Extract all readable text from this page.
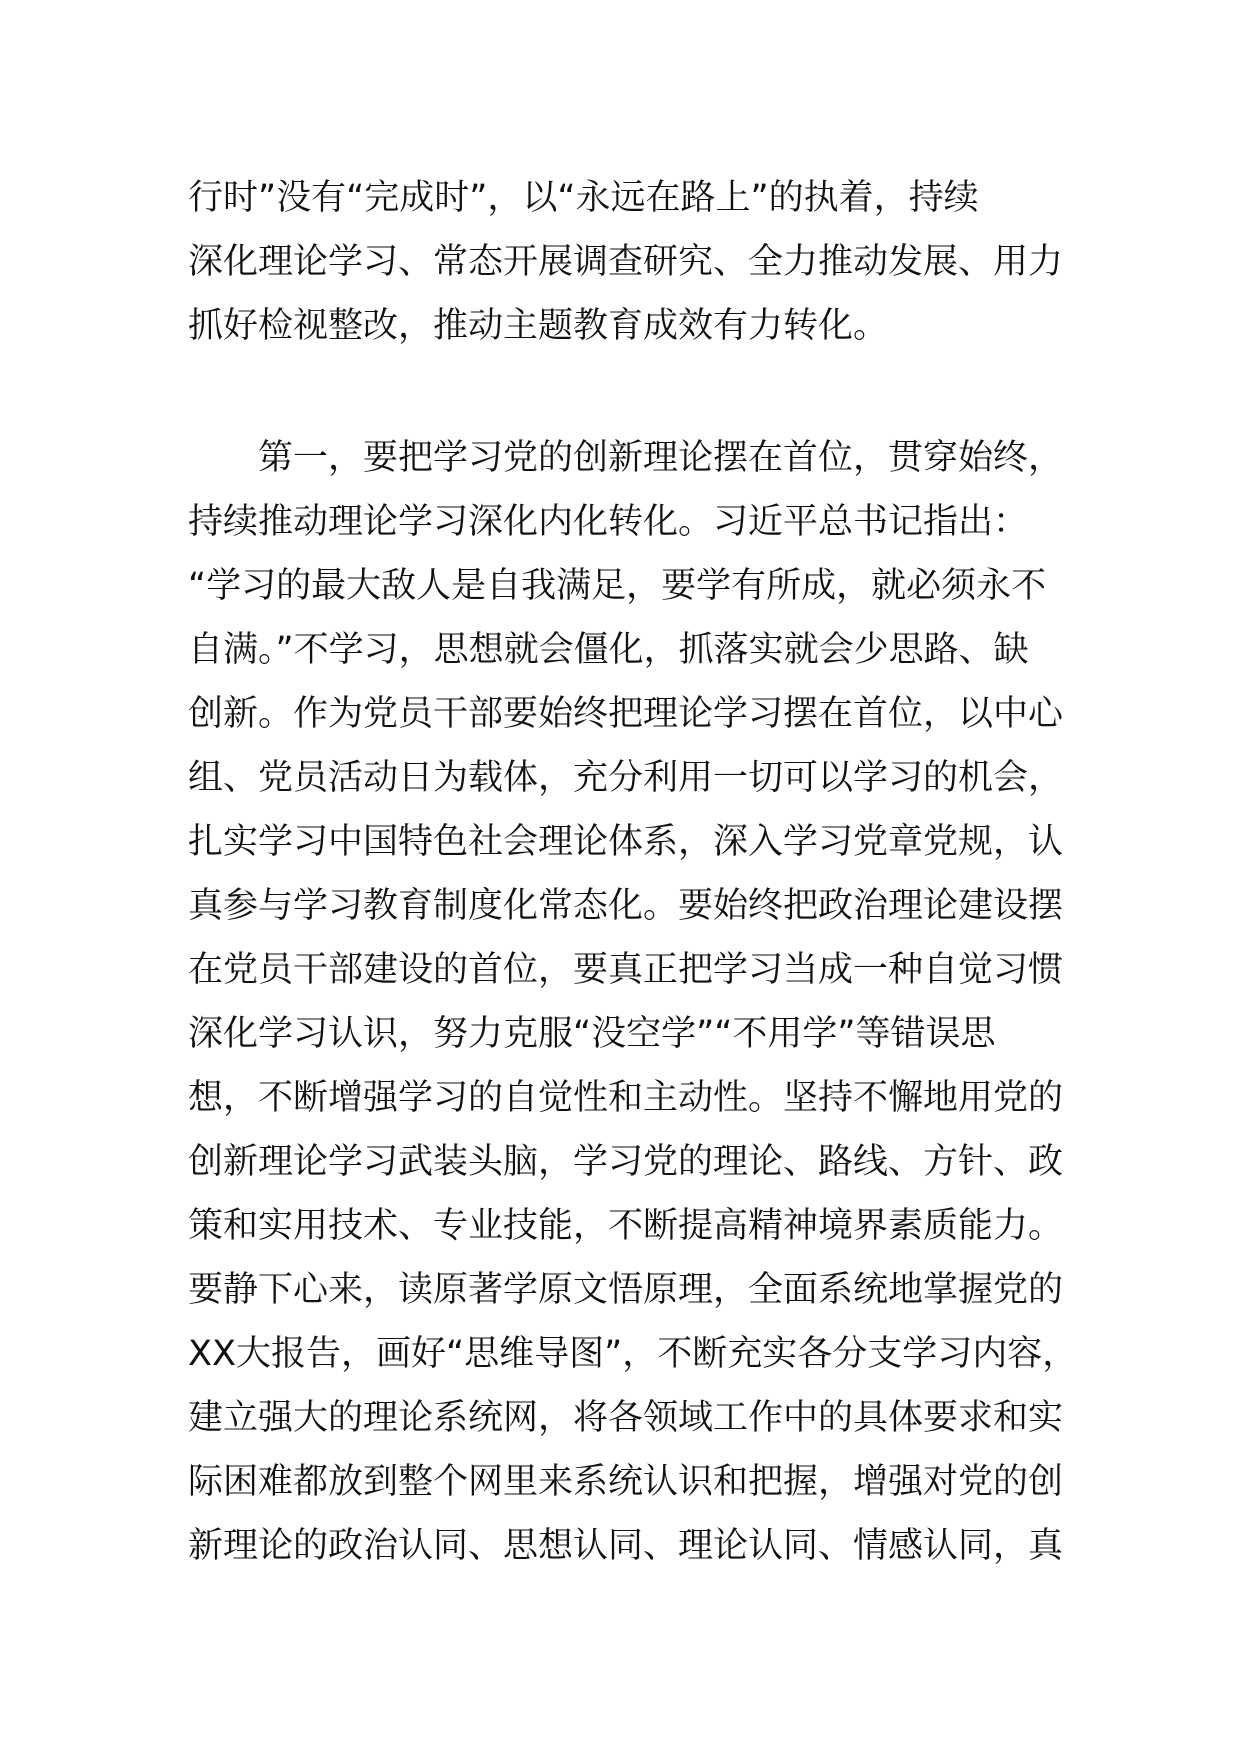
行时”没有“完成时”，以“永远在路上”的执着，持续
深化理论学习、常态开展调查研究、全力推动发展、用力
抓好检视整改，推动主题教育成效有力转化。
第一，要把学习党的创新理论摆在首位，贯穿始终，
持续推动理论学习深化内化转化。习近平总书记指出：
“学习的最大敌人是自我满足，要学有所成，就必须永不
自满。”不学习，思想就会僵化，抓落实就会少思路、缺
创新。作为党员干部要始终把理论学习摆在首位，以中心
组、党员活动日为载体，充分利用一切可以学习的机会，
扎实学习中国特色社会理论体系，深入学习党章党规，认
真参与学习教育制度化常态化。要始终把政治理论建设摆
在党员干部建设的首位，要真正把学习当成一种自觉习惯
深化学习认识，努力克服“没空学”“不用学”等错误思
想，不断增强学习的自觉性和主动性。坚持不懈地用党的
创新理论学习武装头脑，学习党的理论、路线、方针、政
策和实用技术、专业技能，不断提高精神境界素质能力。
要静下心来，读原著学原文悟原理，全面系统地掌握党的
XX大报告，画好“思维导图”，不断充实各分支学习内容，
建立强大的理论系统网，将各领域工作中的具体要求和实
际困难都放到整个网里来系统认识和把握，增强对党的创
新理论的政治认同、思想认同、理论认同、情感认同，真
